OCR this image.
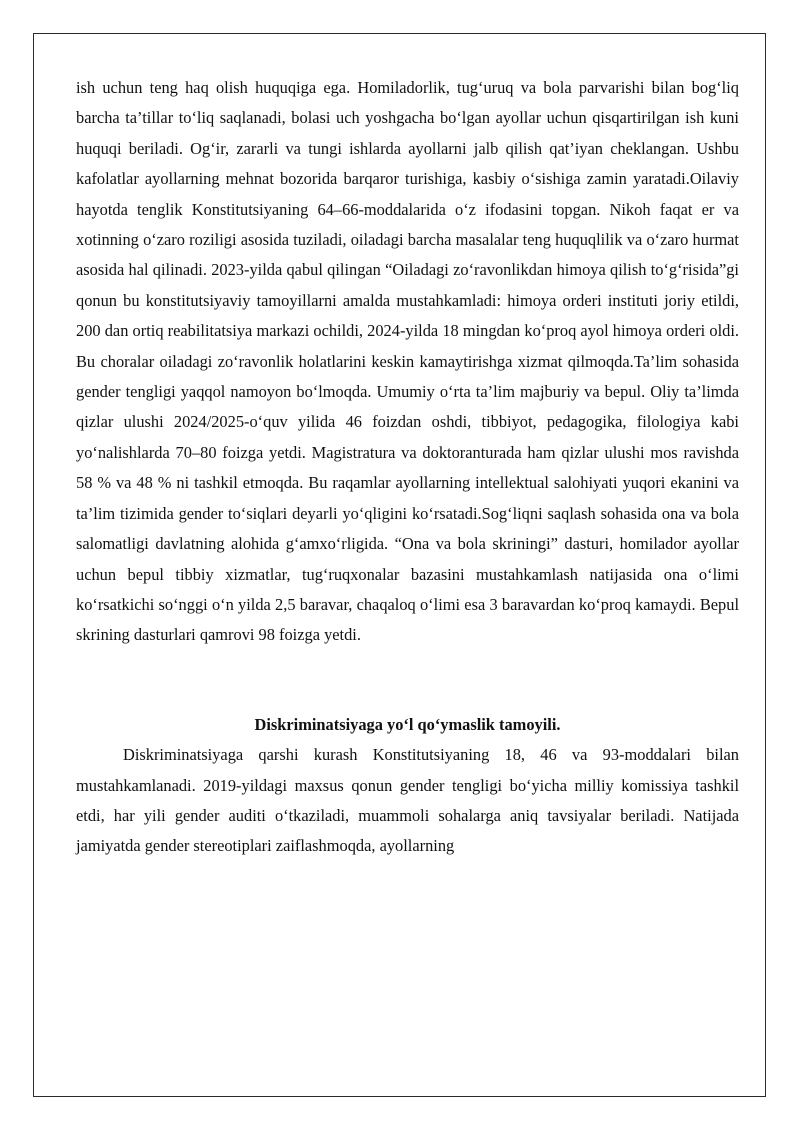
ish uchun teng haq olish huquqiga ega. Homiladorlik, tug‘uruq va bola parvarishi bilan bog‘liq barcha ta’tillar to‘liq saqlanadi, bolasi uch yoshgacha bo‘lgan ayollar uchun qisqartirilgan ish kuni huquqi beriladi. Og‘ir, zararli va tungi ishlarda ayollarni jalb qilish qat’iyan cheklangan. Ushbu kafolatlar ayollarning mehnat bozorida barqaror turishiga, kasbiy o‘sishiga zamin yaratadi.Oilaviy hayotda tenglik Konstitutsiyaning 64–66-moddalarida o‘z ifodasini topgan. Nikoh faqat er va xotinning o‘zaro roziligi asosida tuziladi, oiladagi barcha masalalar teng huquqlilik va o‘zaro hurmat asosida hal qilinadi. 2023-yilda qabul qilingan “Oiladagi zo‘ravonlikdan himoya qilish to‘g‘risida”gi qonun bu konstitutsiyaviy tamoyillarni amalda mustahkamladi: himoya orderi instituti joriy etildi, 200 dan ortiq reabilitatsiya markazi ochildi, 2024-yilda 18 mingdan ko‘proq ayol himoya orderi oldi. Bu choralar oiladagi zo‘ravonlik holatlarini keskin kamaytirishga xizmat qilmoqda.Ta’lim sohasida gender tengligi yaqqol namoyon bo‘lmoqda. Umumiy o‘rta ta’lim majburiy va bepul. Oliy ta’limda qizlar ulushi 2024/2025-o‘quv yilida 46 foizdan oshdi, tibbiyot, pedagogika, filologiya kabi yo‘nalishlarda 70–80 foizga yetdi. Magistratura va doktoranturada ham qizlar ulushi mos ravishda 58 % va 48 % ni tashkil etmoqda. Bu raqamlar ayollarning intellektual salohiyati yuqori ekanini va ta’lim tizimida gender to‘siqlari deyarli yo‘qligini ko‘rsatadi.Sog‘liqni saqlash sohasida ona va bola salomatligi davlatning alohida g‘amxo‘rligida. “Ona va bola skriningi” dasturi, homilador ayollar uchun bepul tibbiy xizmatlar, tug‘ruqxonalar bazasini mustahkamlash natijasida ona o‘limi ko‘rsatkichi so‘nggi o‘n yilda 2,5 baravar, chaqaloq o‘limi esa 3 baravardan ko‘proq kamaydi. Bepul skrining dasturlari qamrovi 98 foizga yetdi.

Diskriminatsiyaga yo‘l qo‘ymaslik tamoyili.

Diskriminatsiyaga qarshi kurash Konstitutsiyaning 18, 46 va 93-moddalari bilan mustahkamlanadi. 2019-yildagi maxsus qonun gender tengligi bo‘yicha milliy komissiya tashkil etdi, har yili gender auditi o‘tkaziladi, muammoli sohalarga aniq tavsiyalar beriladi. Natijada jamiyatda gender stereotiplari zaiflashmoqda, ayollarning
